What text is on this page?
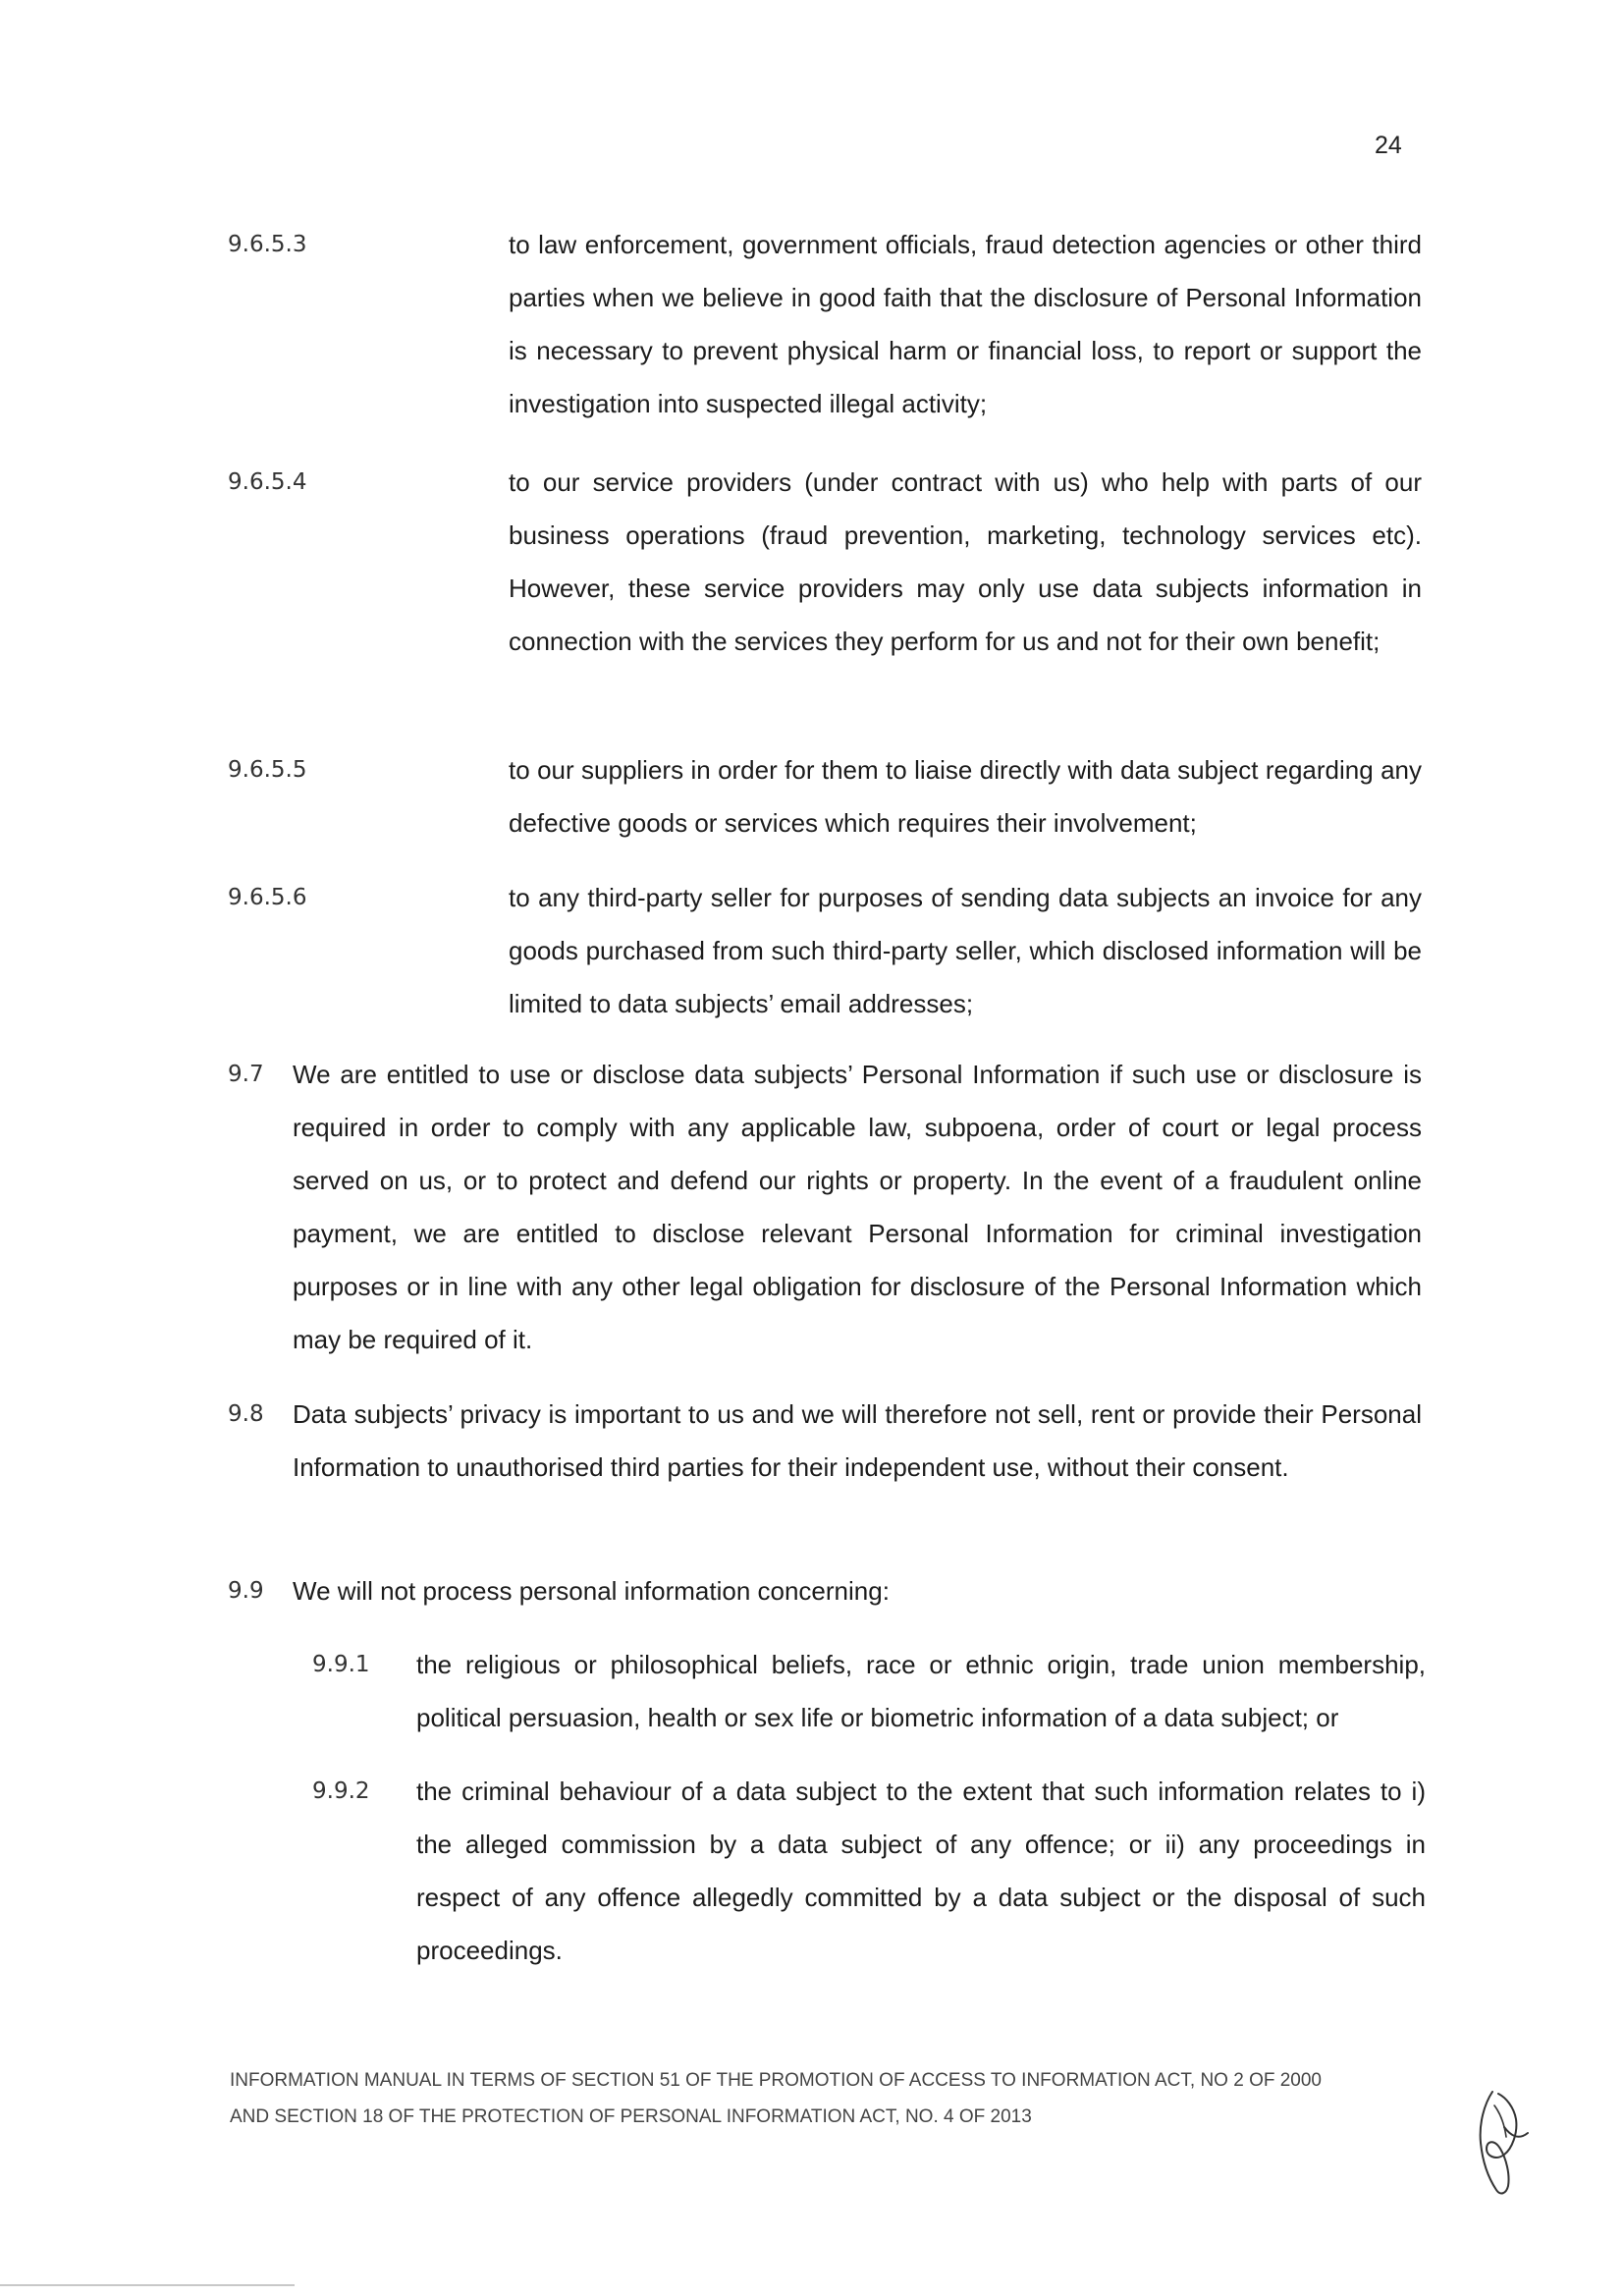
24
9.6.5.3	to law enforcement, government officials, fraud detection agencies or other third parties when we believe in good faith that the disclosure of Personal Information is necessary to prevent physical harm or financial loss, to report or support the investigation into suspected illegal activity;

9.6.5.4	to our service providers (under contract with us) who help with parts of our business operations (fraud prevention, marketing, technology services etc). However, these service providers may only use data subjects information in connection with the services they perform for us and not for their own benefit;

9.6.5.5	to our suppliers in order for them to liaise directly with data subject regarding any defective goods or services which requires their involvement;

9.6.5.6	to any third-party seller for purposes of sending data subjects an invoice for any goods purchased from such third-party seller, which disclosed information will be limited to data subjects’ email addresses;

9.7 We are entitled to use or disclose data subjects’ Personal Information if such use or disclosure is required in order to comply with any applicable law, subpoena, order of court or legal process served on us, or to protect and defend our rights or property. In the event of a fraudulent online payment, we are entitled to disclose relevant Personal Information for criminal investigation purposes or in line with any other legal obligation for disclosure of the Personal Information which may be required of it.

9.8 Data subjects’ privacy is important to us and we will therefore not sell, rent or provide their Personal Information to unauthorised third parties for their independent use, without their consent.

9.9 We will not process personal information concerning:

9.9.1 the religious or philosophical beliefs, race or ethnic origin, trade union membership, political persuasion, health or sex life or biometric information of a data subject; or

9.9.2 the criminal behaviour of a data subject to the extent that such information relates to i) the alleged commission by a data subject of any offence; or ii) any proceedings in respect of any offence allegedly committed by a data subject or the disposal of such proceedings.

INFORMATION MANUAL IN TERMS OF SECTION 51 OF THE PROMOTION OF ACCESS TO INFORMATION ACT, NO 2 OF 2000
AND SECTION 18 OF THE PROTECTION OF PERSONAL INFORMATION ACT, NO. 4 OF 2013
